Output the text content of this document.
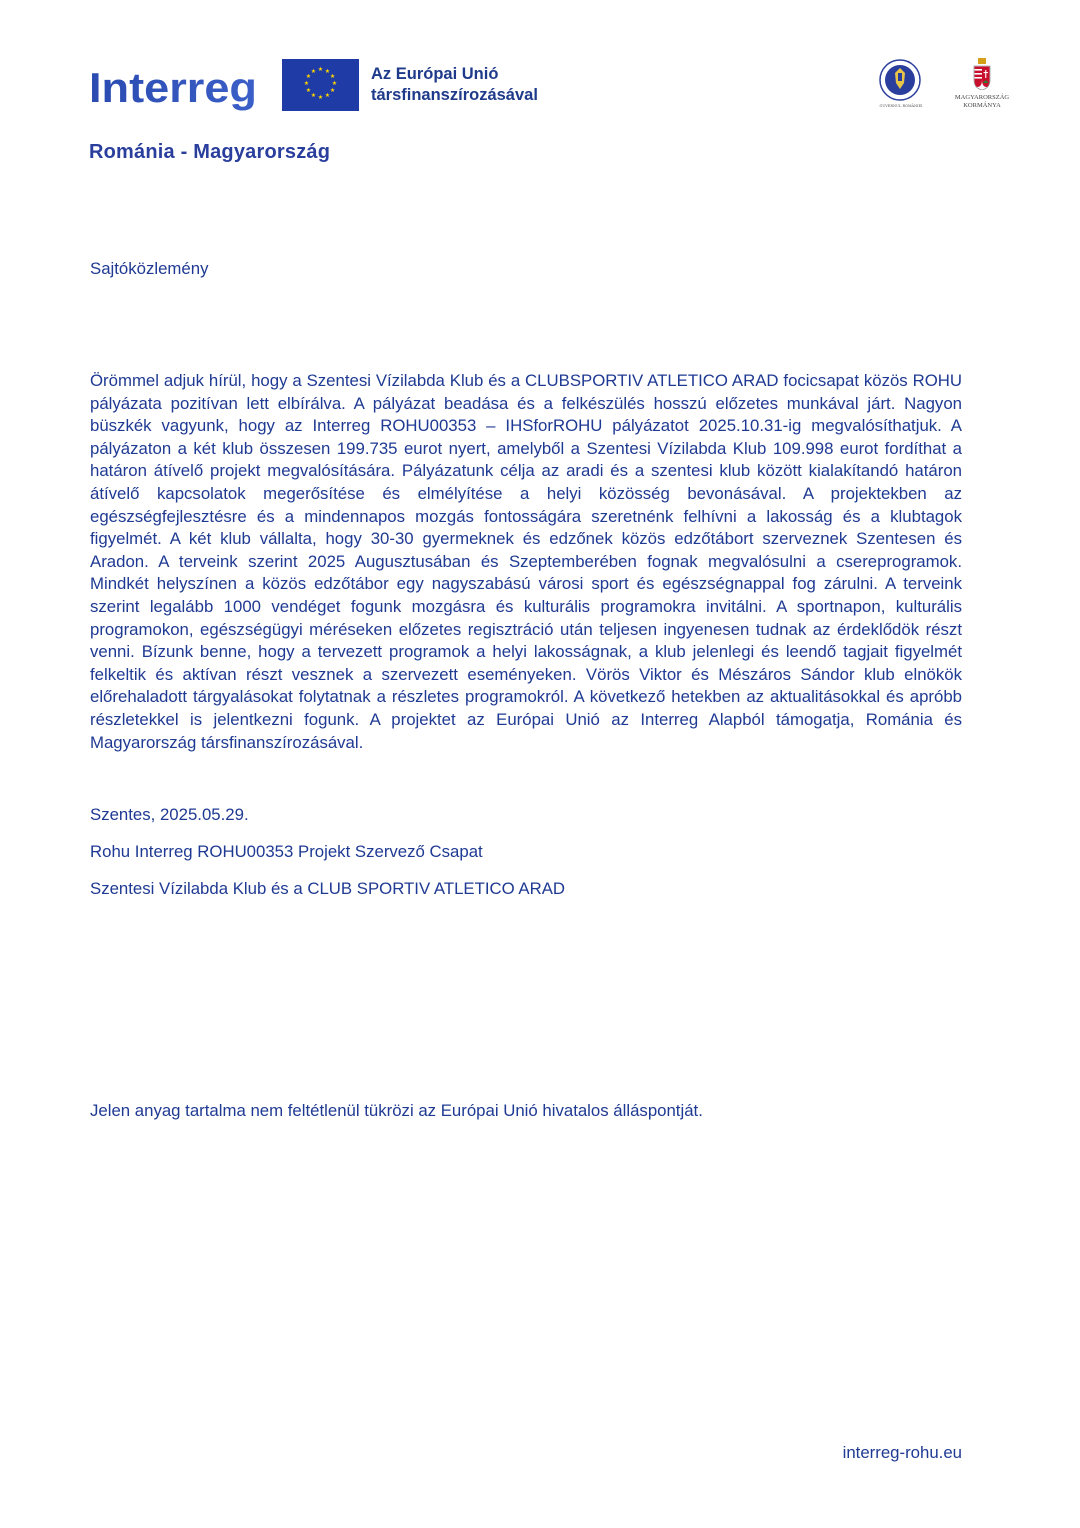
Interreg	★ ★
★
★
★
★
★
★
★
★
★
★	Az Európai Unió
társfinanszírozásával
Románia - Magyarország
GUVERNUL ROMÂNIEI
MAGYARORSZÁG
KORMÁNYA
Sajtóközlemény
Örömmel adjuk hírül, hogy a Szentesi Vízilabda Klub és a CLUBSPORTIV ATLETICO ARAD focicsapat közös ROHU pályázata pozitívan lett elbírálva. A pályázat beadása és a felkészülés hosszú előzetes munkával járt. Nagyon büszkék vagyunk, hogy az Interreg ROHU00353 – IHSforROHU pályázatot 2025.10.31-ig megvalósíthatjuk. A pályázaton a két klub összesen 199.735 eurot nyert, amelyből a Szentesi Vízilabda Klub 109.998 eurot fordíthat a határon átívelő projekt megvalósítására. Pályázatunk célja az aradi és a szentesi klub között kialakítandó határon átívelő kapcsolatok megerősítése és elmélyítése a helyi közösség bevonásával. A projektekben az egészségfejlesztésre és a mindennapos mozgás fontosságára szeretnénk felhívni a lakosság és a klubtagok figyelmét. A két klub vállalta, hogy 30-30 gyermeknek és edzőnek közös edzőtábort szerveznek Szentesen és Aradon. A terveink szerint 2025 Augusztusában és Szeptemberében fognak megvalósulni a csereprogramok. Mindkét helyszínen a közös edzőtábor egy nagyszabású városi sport és egészségnappal fog zárulni. A terveink szerint legalább 1000 vendéget fogunk mozgásra és kulturális programokra invitálni. A sportnapon, kulturális programokon, egészségügyi méréseken előzetes regisztráció után teljesen ingyenesen tudnak az érdeklődök részt venni. Bízunk benne, hogy a tervezett programok a helyi lakosságnak, a klub jelenlegi és leendő tagjait figyelmét felkeltik és aktívan részt vesznek a szervezett eseményeken. Vörös Viktor és Mészáros Sándor klub elnökök előrehaladott tárgyalásokat folytatnak a részletes programokról. A következő hetekben az aktualitásokkal és apróbb részletekkel is jelentkezni fogunk. A projektet az Európai Unió az Interreg Alapból támogatja, Románia és Magyarország társfinanszírozásával.
Szentes, 2025.05.29.
Rohu Interreg ROHU00353 Projekt Szervező Csapat
Szentesi Vízilabda Klub és a CLUB SPORTIV ATLETICO ARAD
Jelen anyag tartalma nem feltétlenül tükrözi az Európai Unió hivatalos álláspontját.
interreg-rohu.eu
